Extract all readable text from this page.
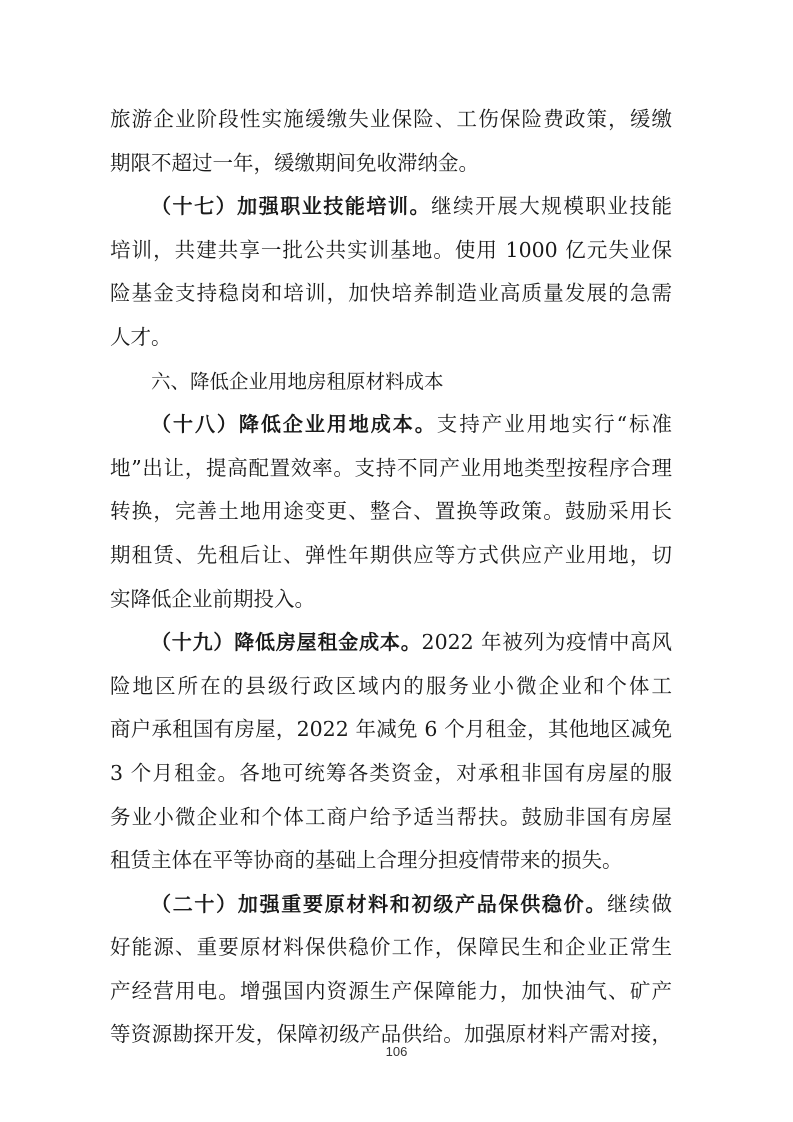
旅游企业阶段性实施缓缴失业保险、工伤保险费政策，缓缴
期限不超过一年，缓缴期间免收滞纳金。
（十七）加强职业技能培训。继续开展大规模职业技能
培训，共建共享一批公共实训基地。使用 1000 亿元失业保
险基金支持稳岗和培训，加快培养制造业高质量发展的急需
人才。
六、降低企业用地房租原材料成本
（十八）降低企业用地成本。支持产业用地实行“标准
地”出让，提高配置效率。支持不同产业用地类型按程序合理
转换，完善土地用途变更、整合、置换等政策。鼓励采用长
期租赁、先租后让、弹性年期供应等方式供应产业用地，切
实降低企业前期投入。
（十九）降低房屋租金成本。2022 年被列为疫情中高风
险地区所在的县级行政区域内的服务业小微企业和个体工
商户承租国有房屋，2022 年减免 6 个月租金，其他地区减免
3 个月租金。各地可统筹各类资金，对承租非国有房屋的服
务业小微企业和个体工商户给予适当帮扶。鼓励非国有房屋
租赁主体在平等协商的基础上合理分担疫情带来的损失。
（二十）加强重要原材料和初级产品保供稳价。继续做
好能源、重要原材料保供稳价工作，保障民生和企业正常生
产经营用电。增强国内资源生产保障能力，加快油气、矿产
等资源勘探开发，保障初级产品供给。加强原材料产需对接，
106
